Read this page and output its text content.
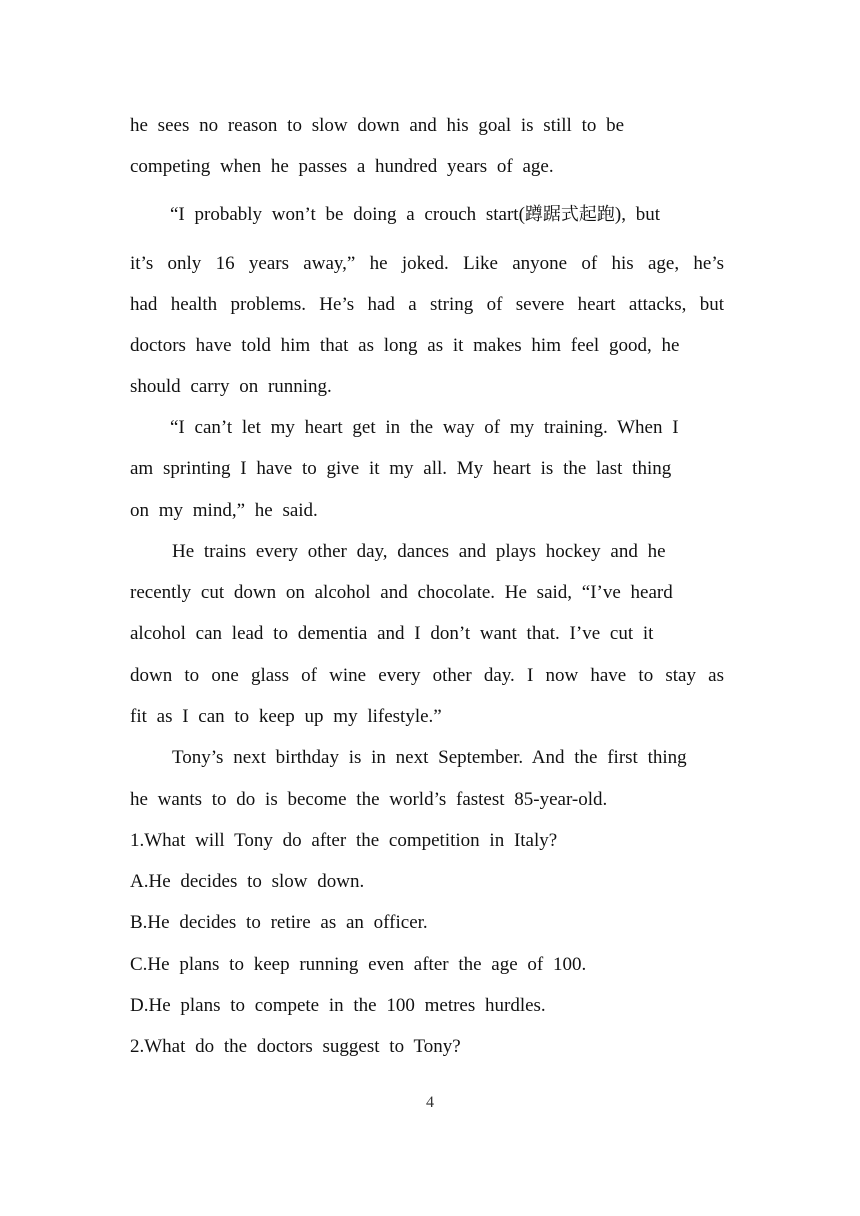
he sees no reason to slow down and his goal is still to be
competing when he passes a hundred years of age.
“I probably won’t be doing a crouch start(蹲踞式起跑), but
it’s only 16 years away,” he joked. Like anyone of his age, he’s
had health problems. He’s had a string of severe heart attacks, but
doctors have told him that as long as it makes him feel good, he
should carry on running.
“I can’t let my heart get in the way of my training. When I
am sprinting I have to give it my all. My heart is the last thing
on my mind,” he said.
He trains every other day, dances and plays hockey and he
recently cut down on alcohol and chocolate. He said, “I’ve heard
alcohol can lead to dementia and I don’t want that. I’ve cut it
down to one glass of wine every other day. I now have to stay as
fit as I can to keep up my lifestyle.”
Tony’s next birthday is in next September. And the first thing
he wants to do is become the world’s fastest 85-year-old.
1.What will Tony do after the competition in Italy?
A.He decides to slow down.
B.He decides to retire as an officer.
C.He plans to keep running even after the age of 100.
D.He plans to compete in the 100 metres hurdles.
2.What do the doctors suggest to Tony?
4
